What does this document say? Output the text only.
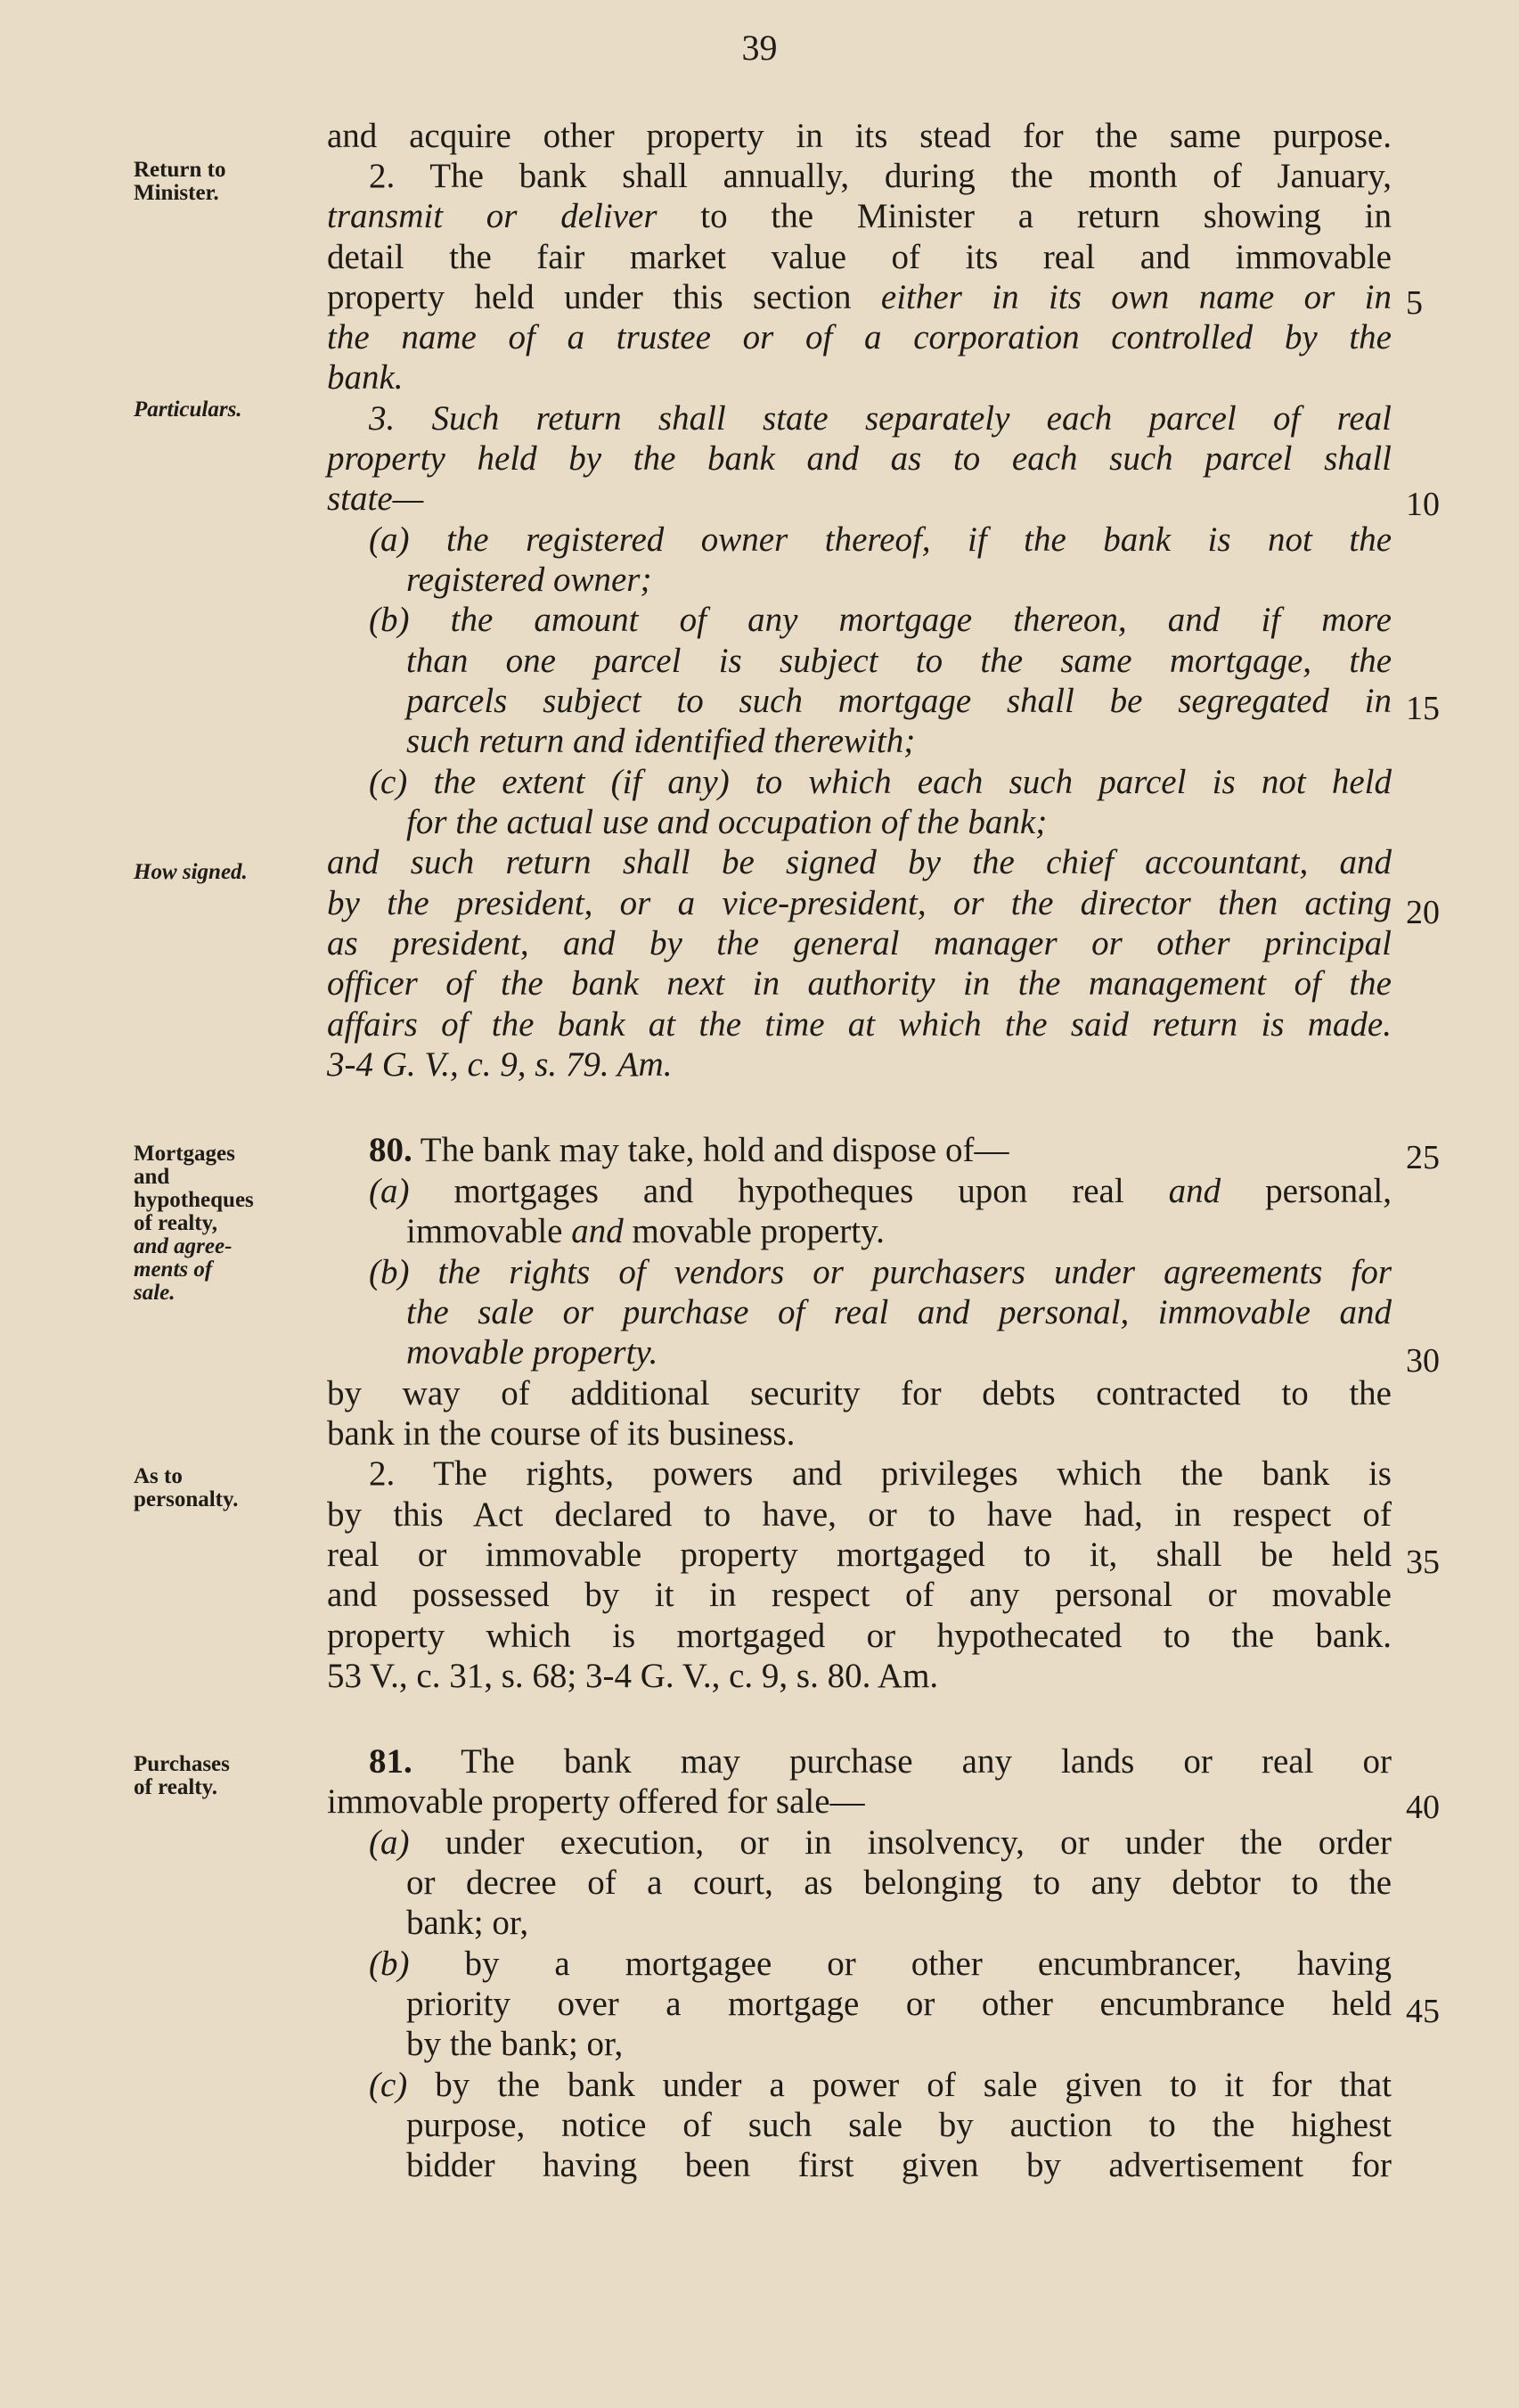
39
Return to
Minister.
Particulars.
How signed.
Mortgages
and
hypotheques
of realty,
and agree-
ments of
sale.
As to
personalty.
Purchases
of realty.
and acquire other property in its stead for the same purpose.
2. The bank shall annually, during the month of January,
transmit or deliver to the Minister a return showing in
detail the fair market value of its real and immovable
property held under this section either in its own name or in
the name of a trustee or of a corporation controlled by the
bank.
3. Such return shall state separately each parcel of real
property held by the bank and as to each such parcel shall
state—
(a) the registered owner thereof, if the bank is not the
registered owner;
(b) the amount of any mortgage thereon, and if more
than one parcel is subject to the same mortgage, the
parcels subject to such mortgage shall be segregated in
such return and identified therewith;
(c) the extent (if any) to which each such parcel is not held
for the actual use and occupation of the bank;
and such return shall be signed by the chief accountant, and
by the president, or a vice-president, or the director then acting
as president, and by the general manager or other principal
officer of the bank next in authority in the management of the
affairs of the bank at the time at which the said return is made.
3-4 G. V., c. 9, s. 79. Am.
80. The bank may take, hold and dispose of—
(a) mortgages and hypotheques upon real and personal,
immovable and movable property.
(b) the rights of vendors or purchasers under agreements for
the sale or purchase of real and personal, immovable and
movable property.
by way of additional security for debts contracted to the
bank in the course of its business.
2. The rights, powers and privileges which the bank is
by this Act declared to have, or to have had, in respect of
real or immovable property mortgaged to it, shall be held
and possessed by it in respect of any personal or movable
property which is mortgaged or hypothecated to the bank.
53 V., c. 31, s. 68; 3-4 G. V., c. 9, s. 80. Am.
81. The bank may purchase any lands or real or
immovable property offered for sale—
(a) under execution, or in insolvency, or under the order
or decree of a court, as belonging to any debtor to the
bank; or,
(b) by a mortgagee or other encumbrancer, having
priority over a mortgage or other encumbrance held
by the bank; or,
(c) by the bank under a power of sale given to it for that
purpose, notice of such sale by auction to the highest
bidder having been first given by advertisement for
5
10
15
20
25
30
35
40
45
